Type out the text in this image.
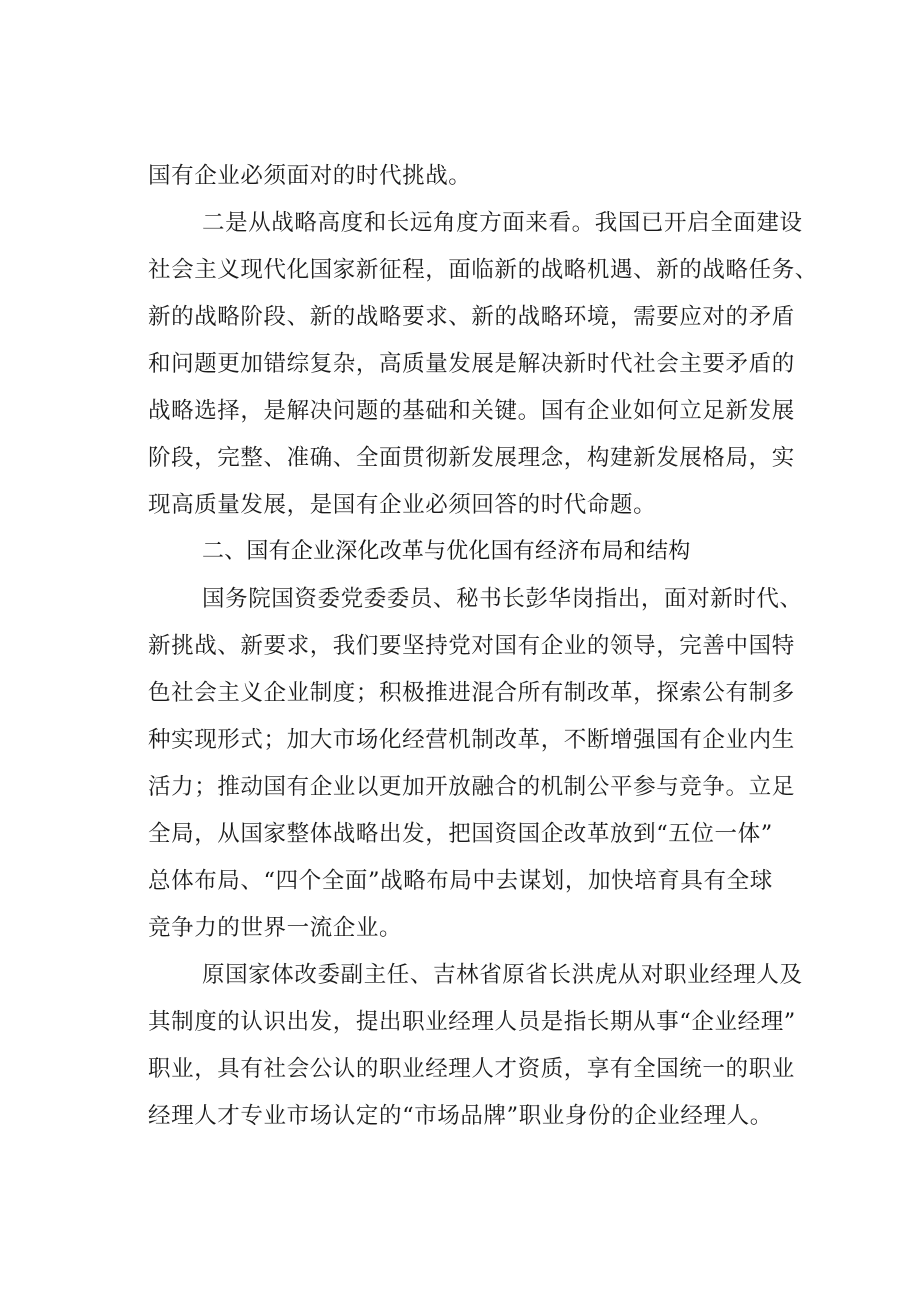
国有企业必须面对的时代挑战。
二是从战略高度和长远角度方面来看。我国已开启全面建设
社会主义现代化国家新征程，面临新的战略机遇、新的战略任务、
新的战略阶段、新的战略要求、新的战略环境，需要应对的矛盾
和问题更加错综复杂，高质量发展是解决新时代社会主要矛盾的
战略选择，是解决问题的基础和关键。国有企业如何立足新发展
阶段，完整、准确、全面贯彻新发展理念，构建新发展格局，实
现高质量发展，是国有企业必须回答的时代命题。
二、国有企业深化改革与优化国有经济布局和结构
国务院国资委党委委员、秘书长彭华岗指出，面对新时代、
新挑战、新要求，我们要坚持党对国有企业的领导，完善中国特
色社会主义企业制度；积极推进混合所有制改革，探索公有制多
种实现形式；加大市场化经营机制改革，不断增强国有企业内生
活力；推动国有企业以更加开放融合的机制公平参与竞争。立足
全局，从国家整体战略出发，把国资国企改革放到“五位一体”
总体布局、“四个全面”战略布局中去谋划，加快培育具有全球
竞争力的世界一流企业。
原国家体改委副主任、吉林省原省长洪虎从对职业经理人及
其制度的认识出发，提出职业经理人员是指长期从事“企业经理”
职业，具有社会公认的职业经理人才资质，享有全国统一的职业
经理人才专业市场认定的“市场品牌”职业身份的企业经理人。
